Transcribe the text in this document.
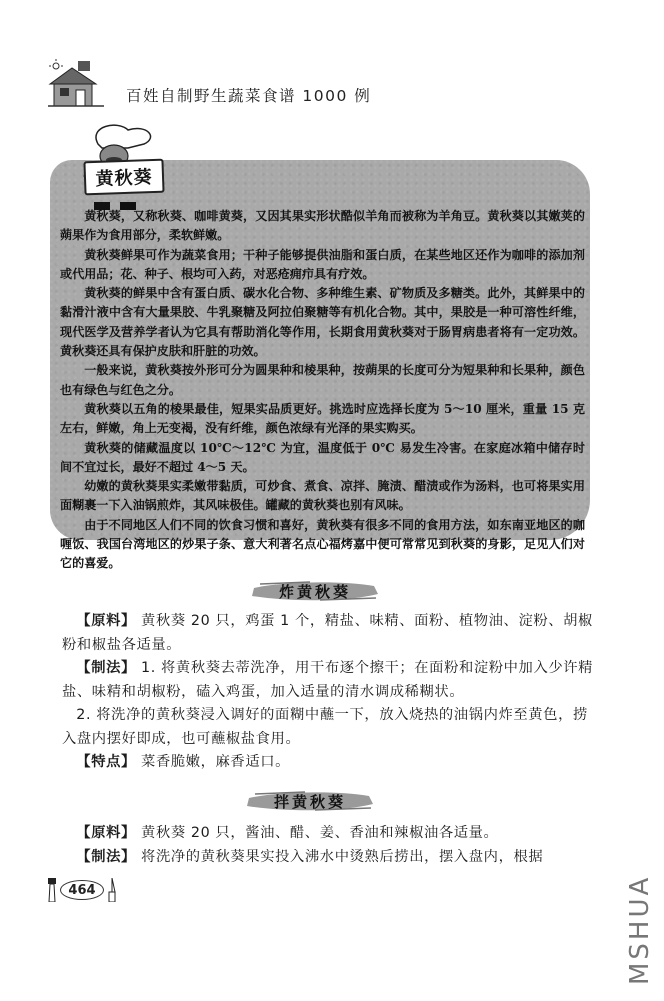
百姓自制野生蔬菜食谱 1000 例
黄秋葵

黄秋葵，又称秋葵、咖啡黄葵，又因其果实形状酷似羊角而被称为羊角豆。黄秋葵以其嫩荚的蒴果作为食用部分，柔软鲜嫩。

黄秋葵鲜果可作为蔬菜食用；干种子能够提供油脂和蛋白质，在某些地区还作为咖啡的添加剂或代用品；花、种子、根均可入药，对恶疮痈疖具有疗效。

黄秋葵的鲜果中含有蛋白质、碳水化合物、多种维生素、矿物质及多糖类。此外，其鲜果中的黏滑汁液中含有大量果胶、牛乳聚糖及阿拉伯聚糖等有机化合物。其中，果胶是一种可溶性纤维，现代医学及营养学者认为它具有帮助消化等作用，长期食用黄秋葵对于肠胃病患者将有一定功效。黄秋葵还具有保护皮肤和肝脏的功效。

一般来说，黄秋葵按外形可分为圆果种和棱果种，按蒴果的长度可分为短果种和长果种，颜色也有绿色与红色之分。

黄秋葵以五角的棱果最佳，短果实品质更好。挑选时应选择长度为 5～10 厘米，重量 15 克左右，鲜嫩，角上无变褐，没有纤维，颜色浓绿有光泽的果实购买。

黄秋葵的储藏温度以 10℃～12℃ 为宜，温度低于 0℃ 易发生冷害。在家庭冰箱中储存时间不宜过长，最好不超过 4～5 天。

幼嫩的黄秋葵果实柔嫩带黏质，可炒食、煮食、凉拌、腌渍、醋渍或作为汤料，也可将果实用面糊裹一下入油锅煎炸，其风味极佳。罐藏的黄秋葵也别有风味。

由于不同地区人们不同的饮食习惯和喜好，黄秋葵有很多不同的食用方法，如东南亚地区的咖喱饭、我国台湾地区的炒果子条、意大利著名点心福烤嘉中便可常常见到秋葵的身影，足见人们对它的喜爱。

炸黄秋葵

【原料】 黄秋葵 20 只，鸡蛋 1 个，精盐、味精、面粉、植物油、淀粉、胡椒粉和椒盐各适量。

【制法】 1. 将黄秋葵去蒂洗净，用干布逐个擦干；在面粉和淀粉中加入少许精盐、味精和胡椒粉，磕入鸡蛋，加入适量的清水调成稀糊状。

2. 将洗净的黄秋葵浸入调好的面糊中蘸一下，放入烧热的油锅内炸至黄色，捞入盘内摆好即成，也可蘸椒盐食用。

【特点】 菜香脆嫩，麻香适口。

拌黄秋葵

【原料】 黄秋葵 20 只，酱油、醋、姜、香油和辣椒油各适量。

【制法】 将洗净的黄秋葵果实投入沸水中烫熟后捞出，摆入盘内，根据

464	MSHUA
